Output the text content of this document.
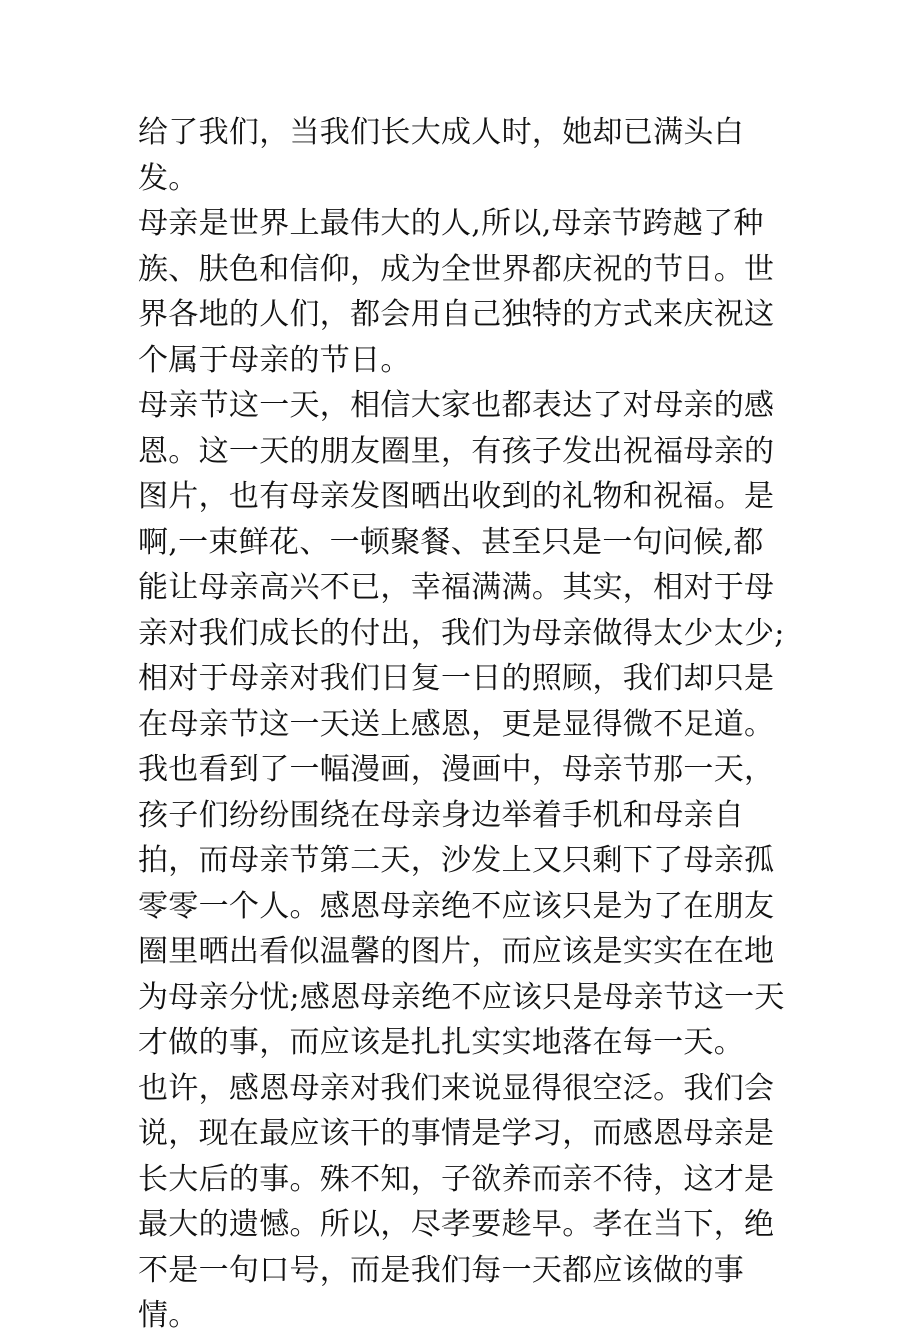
给了我们，当我们长大成人时，她却已满头白发。

母亲是世界上最伟大的人,所以,母亲节跨越了种族、肤色和信仰，成为全世界都庆祝的节日。世界各地的人们，都会用自己独特的方式来庆祝这个属于母亲的节日。

母亲节这一天，相信大家也都表达了对母亲的感恩。这一天的朋友圈里，有孩子发出祝福母亲的图片，也有母亲发图晒出收到的礼物和祝福。是啊,一束鲜花、一顿聚餐、甚至只是一句问候,都能让母亲高兴不已，幸福满满。其实，相对于母亲对我们成长的付出，我们为母亲做得太少太少;相对于母亲对我们日复一日的照顾，我们却只是在母亲节这一天送上感恩，更是显得微不足道。我也看到了一幅漫画，漫画中，母亲节那一天，孩子们纷纷围绕在母亲身边举着手机和母亲自拍，而母亲节第二天，沙发上又只剩下了母亲孤零零一个人。感恩母亲绝不应该只是为了在朋友圈里晒出看似温馨的图片，而应该是实实在在地为母亲分忧;感恩母亲绝不应该只是母亲节这一天才做的事，而应该是扎扎实实地落在每一天。

也许，感恩母亲对我们来说显得很空泛。我们会说，现在最应该干的事情是学习，而感恩母亲是长大后的事。殊不知，子欲养而亲不待，这才是最大的遗憾。所以，尽孝要趁早。孝在当下，绝不是一句口号，而是我们每一天都应该做的事情。
